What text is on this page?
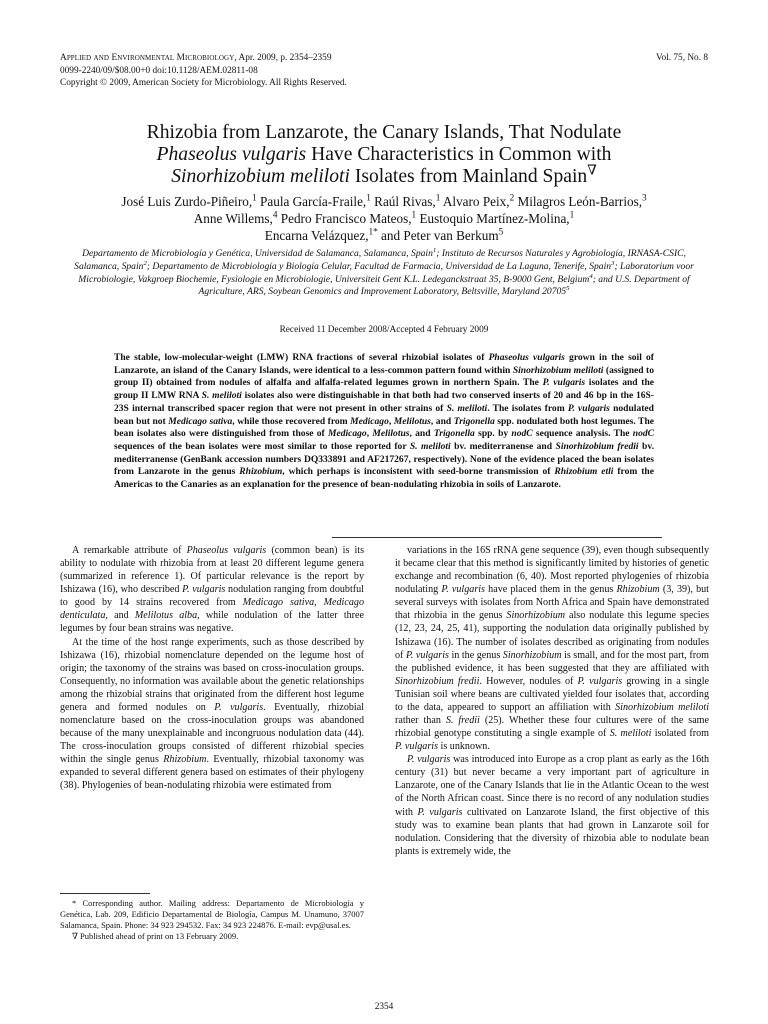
Applied and Environmental Microbiology, Apr. 2009, p. 2354–2359	Vol. 75, No. 8
0099-2240/09/$08.00+0 doi:10.1128/AEM.02811-08
Copyright © 2009, American Society for Microbiology. All Rights Reserved.
Rhizobia from Lanzarote, the Canary Islands, That Nodulate
Phaseolus vulgaris Have Characteristics in Common with
Sinorhizobium meliloti Isolates from Mainland Spain∇
José Luis Zurdo-Piñeiro,$^1$ Paula García-Fraile,$^1$ Raúl Rivas,$^1$ Alvaro Peix,$^2$ Milagros León-Barrios,$^3$
Anne Willems,$^4$ Pedro Francisco Mateos,$^1$ Eustoquio Martínez-Molina,$^1$
Encarna Velázquez,$^{1*}$ and Peter van Berkum$^5$
Departamento de Microbiología y Genética, Universidad de Salamanca, Salamanca, Spain$^1$; Instituto de Recursos Naturales y Agrobiología, IRNASA-CSIC, Salamanca, Spain$^2$; Departamento de Microbiología y Biología Celular, Facultad de Farmacia, Universidad de La Laguna, Tenerife, Spain$^3$; Laboratorium voor Microbiologie, Vakgroep Biochemie, Fysiologie en Microbiologie, Universiteit Gent K.L. Ledeganckstraat 35, B-9000 Gent, Belgium$^4$; and U.S. Department of Agriculture, ARS, Soybean Genomics and Improvement Laboratory, Beltsville, Maryland 20705$^5$
Received 11 December 2008/Accepted 4 February 2009
The stable, low-molecular-weight (LMW) RNA fractions of several rhizobial isolates of Phaseolus vulgaris grown in the soil of Lanzarote, an island of the Canary Islands, were identical to a less-common pattern found within Sinorhizobium meliloti (assigned to group II) obtained from nodules of alfalfa and alfalfa-related legumes grown in northern Spain. The P. vulgaris isolates and the group II LMW RNA S. meliloti isolates also were distinguishable in that both had two conserved inserts of 20 and 46 bp in the 16S-23S internal transcribed spacer region that were not present in other strains of S. meliloti. The isolates from P. vulgaris nodulated bean but not Medicago sativa, while those recovered from Medicago, Melilotus, and Trigonella spp. nodulated both host legumes. The bean isolates also were distinguished from those of Medicago, Melilotus, and Trigonella spp. by nodC sequence analysis. The nodC sequences of the bean isolates were most similar to those reported for S. meliloti bv. mediterranense and Sinorhizobium fredii bv. mediterranense (GenBank accession numbers DQ333891 and AF217267, respectively). None of the evidence placed the bean isolates from Lanzarote in the genus Rhizobium, which perhaps is inconsistent with seed-borne transmission of Rhizobium etli from the Americas to the Canaries as an explanation for the presence of bean-nodulating rhizobia in soils of Lanzarote.

A remarkable attribute of Phaseolus vulgaris (common bean) is its ability to nodulate with rhizobia from at least 20 different legume genera (summarized in reference 1). Of particular relevance is the report by Ishizawa (16), who described P. vulgaris nodulation ranging from doubtful to good by 14 strains recovered from Medicago sativa, Medicago denticulata, and Melilotus alba, while nodulation of the latter three legumes by four bean strains was negative.

At the time of the host range experiments, such as those described by Ishizawa (16), rhizobial nomenclature depended on the legume host of origin; the taxonomy of the strains was based on cross-inoculation groups. Consequently, no information was available about the genetic relationships among the rhizobial strains that originated from the different host legume genera and formed nodules on P. vulgaris. Eventually, rhizobial nomenclature based on the cross-inoculation groups was abandoned because of the many unexplainable and incongruous nodulation data (44). The cross-inoculation groups consisted of different rhizobial species within the single genus Rhizobium. Eventually, rhizobial taxonomy was expanded to several different genera based on estimates of their phylogeny (38). Phylogenies of bean-nodulating rhizobia were estimated from

variations in the 16S rRNA gene sequence (39), even though subsequently it became clear that this method is significantly limited by histories of genetic exchange and recombination (6, 40). Most reported phylogenies of rhizobia nodulating P. vulgaris have placed them in the genus Rhizobium (3, 39), but several surveys with isolates from North Africa and Spain have demonstrated that rhizobia in the genus Sinorhizobium also nodulate this legume species (12, 23, 24, 25, 41), supporting the nodulation data originally published by Ishizawa (16). The number of isolates described as originating from nodules of P. vulgaris in the genus Sinorhizobium is small, and for the most part, from the published evidence, it has been suggested that they are affiliated with Sinorhizobium fredii. However, nodules of P. vulgaris growing in a single Tunisian soil where beans are cultivated yielded four isolates that, according to the data, appeared to support an affiliation with Sinorhizobium meliloti rather than S. fredii (25). Whether these four cultures were of the same rhizobial genotype constituting a single example of S. meliloti isolated from P. vulgaris is unknown.

P. vulgaris was introduced into Europe as a crop plant as early as the 16th century (31) but never became a very important part of agriculture in Lanzarote, one of the Canary Islands that lie in the Atlantic Ocean to the west of the North African coast. Since there is no record of any nodulation studies with P. vulgaris cultivated on Lanzarote Island, the first objective of this study was to examine bean plants that had grown in Lanzarote soil for nodulation. Considering that the diversity of rhizobia able to nodulate bean plants is extremely wide, the

* Corresponding author. Mailing address: Departamento de Microbiología y Genética, Lab. 209, Edificio Departamental de Biología, Campus M. Unamuno, 37007 Salamanca, Spain. Phone: 34 923 294532. Fax: 34 923 224876. E-mail: evp@usal.es.

∇ Published ahead of print on 13 February 2009.

2354
